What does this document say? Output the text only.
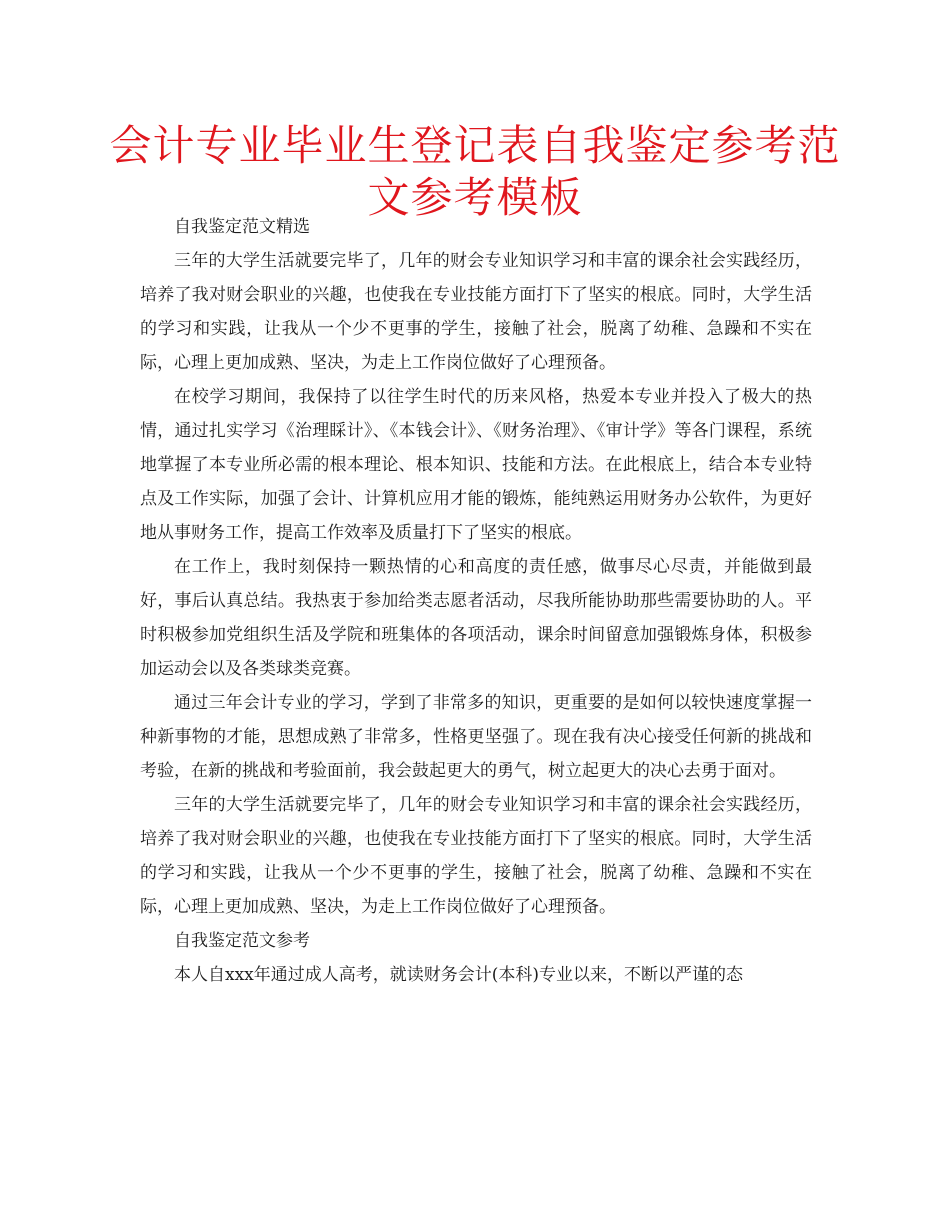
会计专业毕业生登记表自我鉴定参考范文参考模板

自我鉴定范文精选

三年的大学生活就要完毕了，几年的财会专业知识学习和丰富的课余社会实践经历，培养了我对财会职业的兴趣，也使我在专业技能方面打下了坚实的根底。同时，大学生活的学习和实践，让我从一个少不更事的学生，接触了社会，脱离了幼稚、急躁和不实在际，心理上更加成熟、坚决，为走上工作岗位做好了心理预备。

在校学习期间，我保持了以往学生时代的历来风格，热爱本专业并投入了极大的热情，通过扎实学习《治理睬计》、《本钱会计》、《财务治理》、《审计学》等各门课程，系统地掌握了本专业所必需的根本理论、根本知识、技能和方法。在此根底上，结合本专业特点及工作实际，加强了会计、计算机应用才能的锻炼，能纯熟运用财务办公软件，为更好地从事财务工作，提高工作效率及质量打下了坚实的根底。

在工作上，我时刻保持一颗热情的心和高度的责任感，做事尽心尽责，并能做到最好，事后认真总结。我热衷于参加给类志愿者活动，尽我所能协助那些需要协助的人。平时积极参加党组织生活及学院和班集体的各项活动，课余时间留意加强锻炼身体，积极参加运动会以及各类球类竞赛。

通过三年会计专业的学习，学到了非常多的知识，更重要的是如何以较快速度掌握一种新事物的才能，思想成熟了非常多，性格更坚强了。现在我有决心接受任何新的挑战和考验，在新的挑战和考验面前，我会鼓起更大的勇气，树立起更大的决心去勇于面对。

三年的大学生活就要完毕了，几年的财会专业知识学习和丰富的课余社会实践经历，培养了我对财会职业的兴趣，也使我在专业技能方面打下了坚实的根底。同时，大学生活的学习和实践，让我从一个少不更事的学生，接触了社会，脱离了幼稚、急躁和不实在际，心理上更加成熟、坚决，为走上工作岗位做好了心理预备。

自我鉴定范文参考

本人自xxx年通过成人高考，就读财务会计(本科)专业以来，不断以严谨的态
